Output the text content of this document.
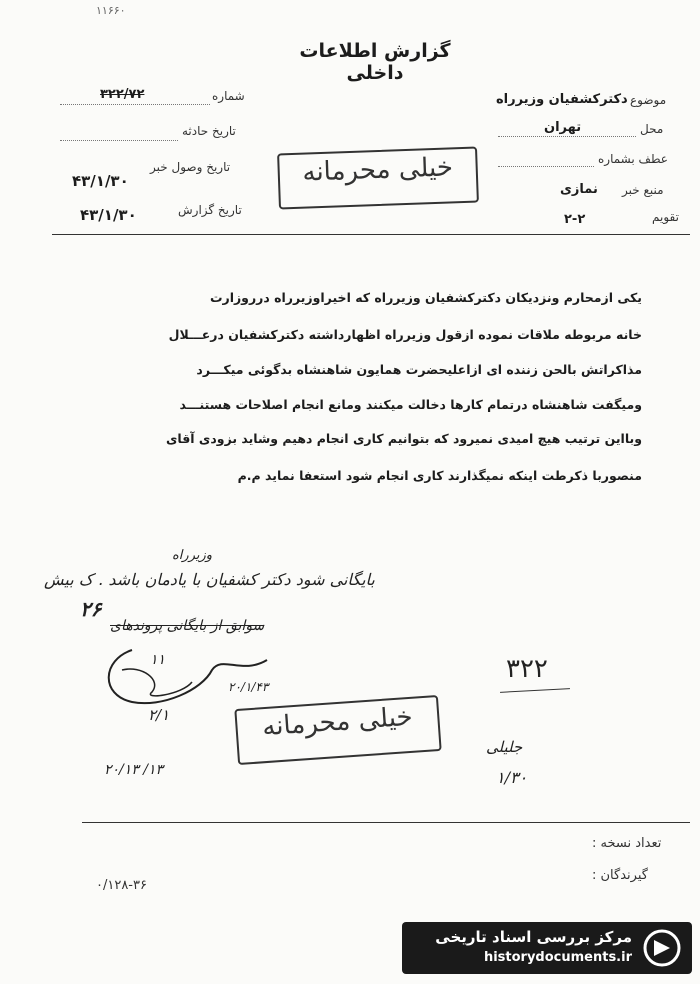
۱۱۶۶۰
گزارش اطلاعات داخلی
شماره
۳۲۲/۷۲
تاریخ حادثه
تاریخ وصول خبر
۴۳/۱/۳۰
تاریخ گزارش
۴۳/۱/۳۰
خیلی محرمانه
موضوع
دکترکشفیان وزیرراه
محل
تهران
عطف بشماره
منبع خبر
نمازی
تقویم
۲-۲
یکی ازمحارم ونزدیکان دکترکشفیان وزیرراه که اخیراوزیرراه درروزارت
خانه مربوطه ملاقات نموده ازقول وزیرراه اظهارداشته دکترکشفیان درعـــلال
مذاکراتش بالحن زننده ای ازاعلیحضرت همایون شاهنشاه بدگوئی میکـــرد
ومیگفت شاهنشاه درتمام کارها دخالت میکنند ومانع انجام اصلاحات هستنـــد
وبااین ترتیب هیچ امیدی نمیرود که بتوانیم کاری انجام دهیم وشاید بزودی آقای
منصوربا ذکرطت اینکه نمیگذارند کاری انجام شود استعفا نماید م.م
وزیرراه
بایگانی شود دکتر کشفیان با یادمان باشد . ک بیش
۲۶
سوابق از بایگانی پروندهای
۱۱
۲۰/۱/۴۳
۲/۱
۱۳/ ۲۰/۱۳
خیلی محرمانه
۳۲۲
جلیلی
۱/۳۰
تعداد نسخه :
گیرندگان :
۰/۱۲۸-۳۶
مرکز بررسی اسناد تاریخی
historydocuments.ir
